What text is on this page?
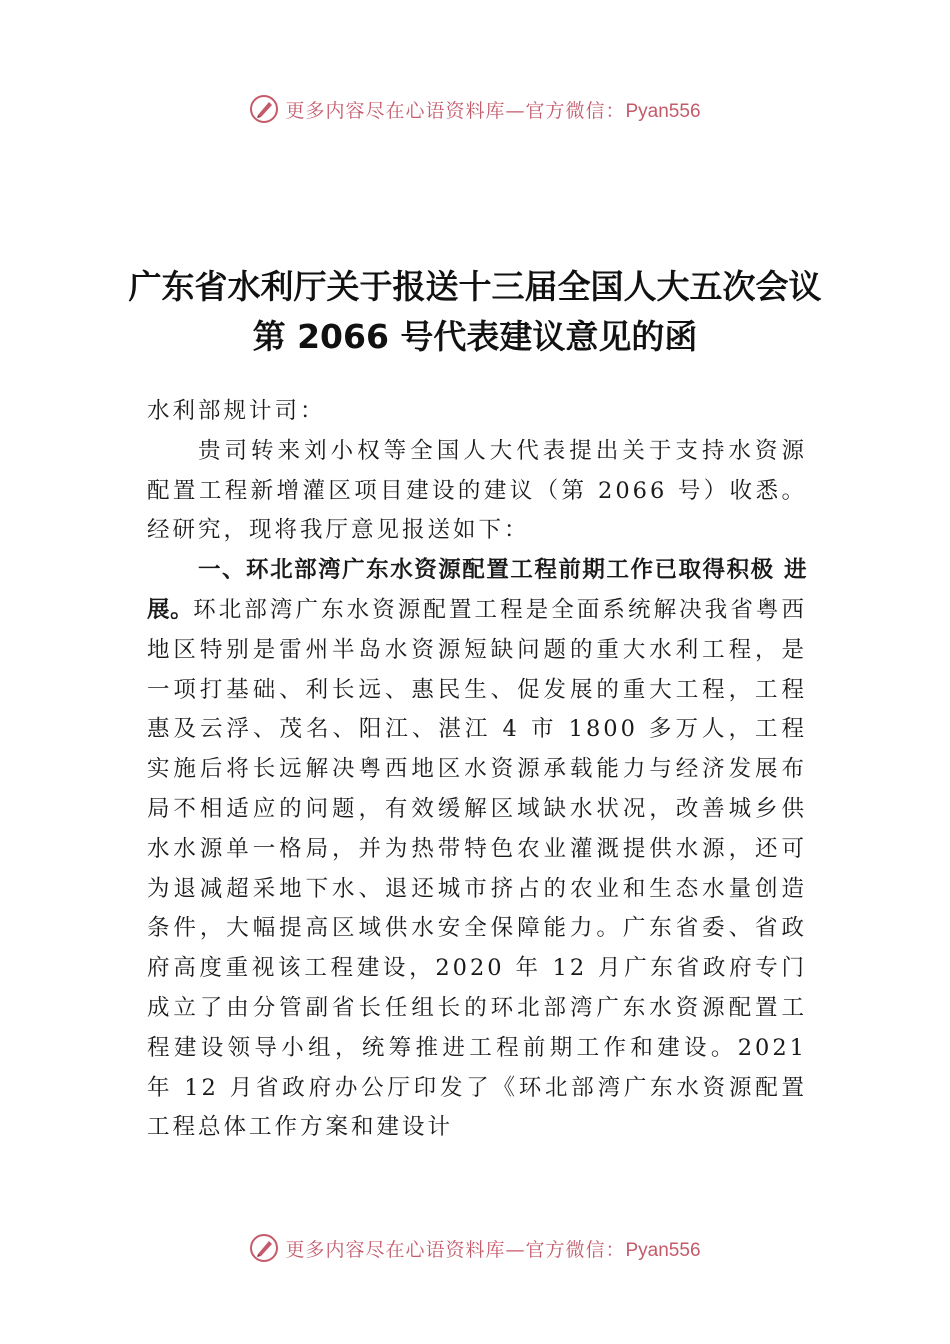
更多内容尽在心语资料库—官方微信：Pyan556
广东省水利厅关于报送十三届全国人大五次会议第 2066 号代表建议意见的函

水利部规计司：

贵司转来刘小权等全国人大代表提出关于支持水资源配置工程新增灌区项目建设的建议（第 2066 号）收悉。经研究，现将我厅意见报送如下：

一、环北部湾广东水资源配置工程前期工作已取得积极 进展。环北部湾广东水资源配置工程是全面系统解决我省粤西地区特别是雷州半岛水资源短缺问题的重大水利工程，是一项打基础、利长远、惠民生、促发展的重大工程，工程惠及云浮、茂名、阳江、湛江 4 市 1800 多万人，工程实施后将长远解决粤西地区水资源承载能力与经济发展布局不相适应的问题，有效缓解区域缺水状况，改善城乡供水水源单一格局，并为热带特色农业灌溉提供水源，还可为退减超采地下水、退还城市挤占的农业和生态水量创造条件，大幅提高区域供水安全保障能力。广东省委、省政府高度重视该工程建设，2020 年 12 月广东省政府专门成立了由分管副省长任组长的环北部湾广东水资源配置工程建设领导小组，统筹推进工程前期工作和建设。2021 年 12 月省政府办公厅印发了《环北部湾广东水资源配置工程总体工作方案和建设计

更多内容尽在心语资料库—官方微信：Pyan556
